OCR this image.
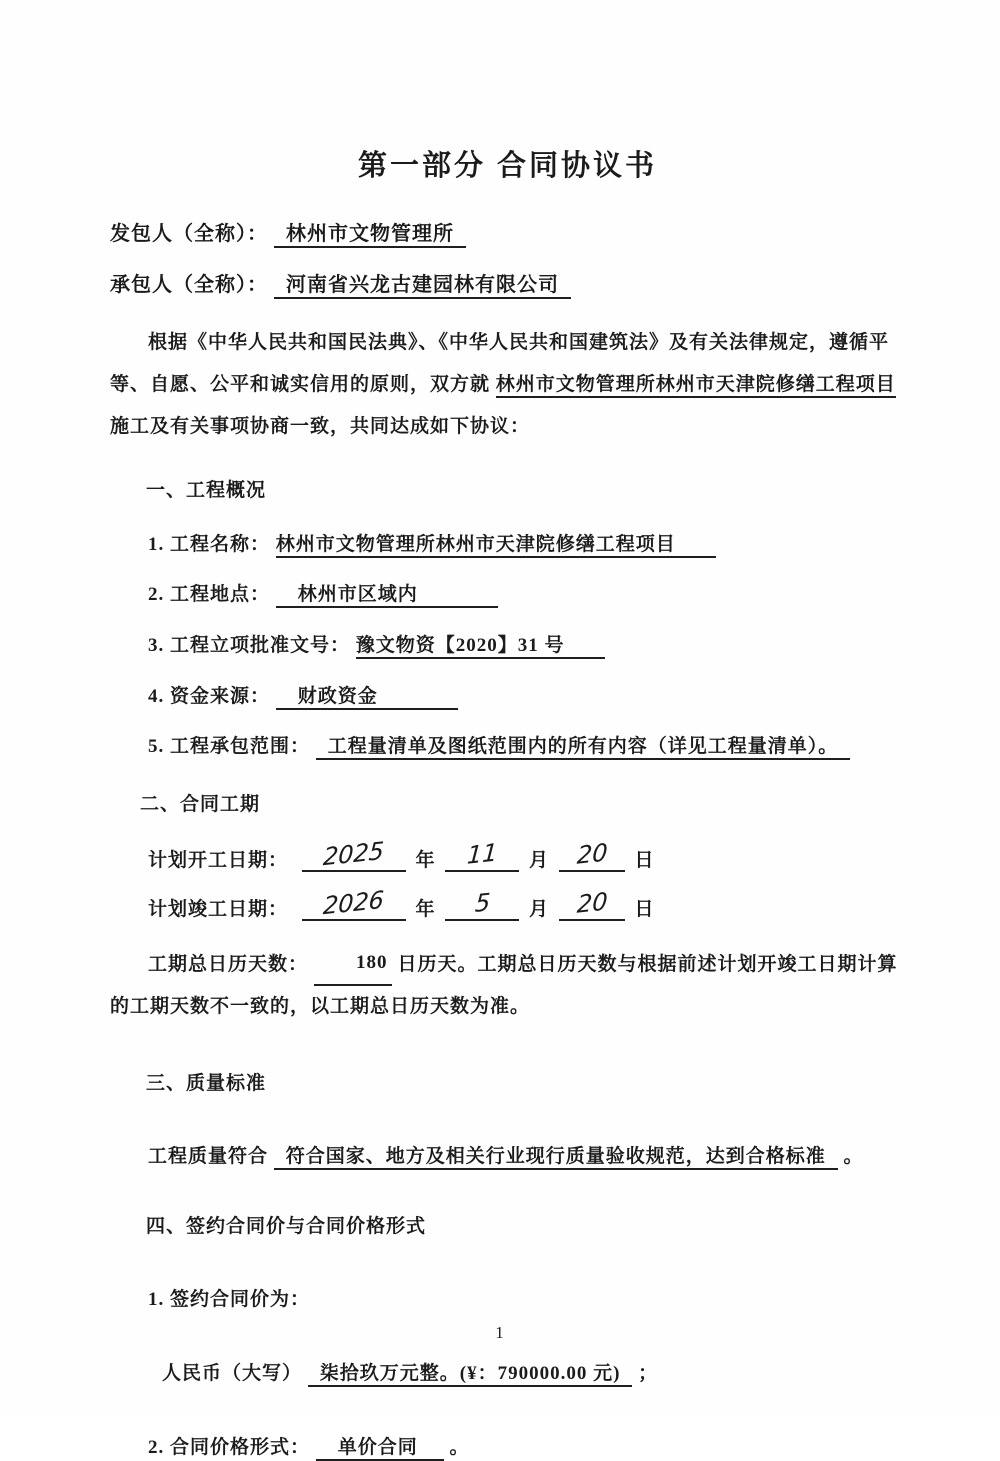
第一部分 合同协议书
发包人（全称）： 林州市文物管理所
承包人（全称）： 河南省兴龙古建园林有限公司

根据《中华人民共和国民法典》、《中华人民共和国建筑法》及有关法律规定，遵循平等、自愿、公平和诚实信用的原则，双方就 林州市文物管理所林州市天津院修缮工程项目 施工及有关事项协商一致，共同达成如下协议：

一、工程概况
1. 工程名称： 林州市文物管理所林州市天津院修缮工程项目
2. 工程地点： 林州市区域内
3. 工程立项批准文号： 豫文物资【2020】31 号
4. 资金来源： 财政资金
5. 工程承包范围： 工程量清单及图纸范围内的所有内容（详见工程量清单）。
二、合同工期
计划开工日期： 2025 年 11 月 20 日
计划竣工日期： 2026 年 5 月 20 日

工期总日历天数：	180 日历天。工期总日历天数与根据前述计划开竣工日期计算的工期天数不一致的，以工期总日历天数为准。

三、质量标准
工程质量符合 符合国家、地方及相关行业现行质量验收规范，达到合格标准 。
四、签约合同价与合同价格形式
1. 签约合同价为：
人民币（大写） 柒拾玖万元整。(¥：790000.00 元) ；
2. 合同价格形式： 单价合同 。
1
